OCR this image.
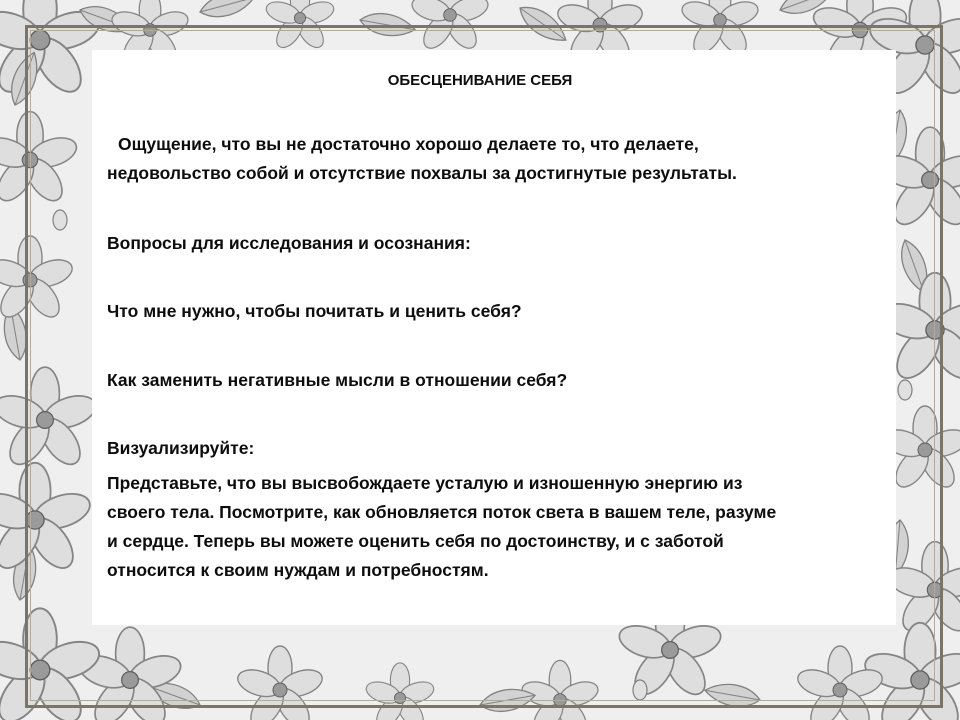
ОБЕСЦЕНИВАНИЕ СЕБЯ

Ощущение, что вы не достаточно хорошо делаете то, что делаете,

недовольство собой и отсутствие похвалы за достигнутые результаты.

Вопросы для исследования и осознания:

Что мне нужно, чтобы почитать и ценить себя?

Как заменить негативные мысли в отношении себя?

Визуализируйте:

Представьте, что вы высвобождаете усталую и изношенную энергию из

своего тела. Посмотрите, как обновляется поток света в вашем теле, разуме

и сердце. Теперь вы можете оценить себя по достоинству, и с заботой

относится к своим нуждам и потребностям.
